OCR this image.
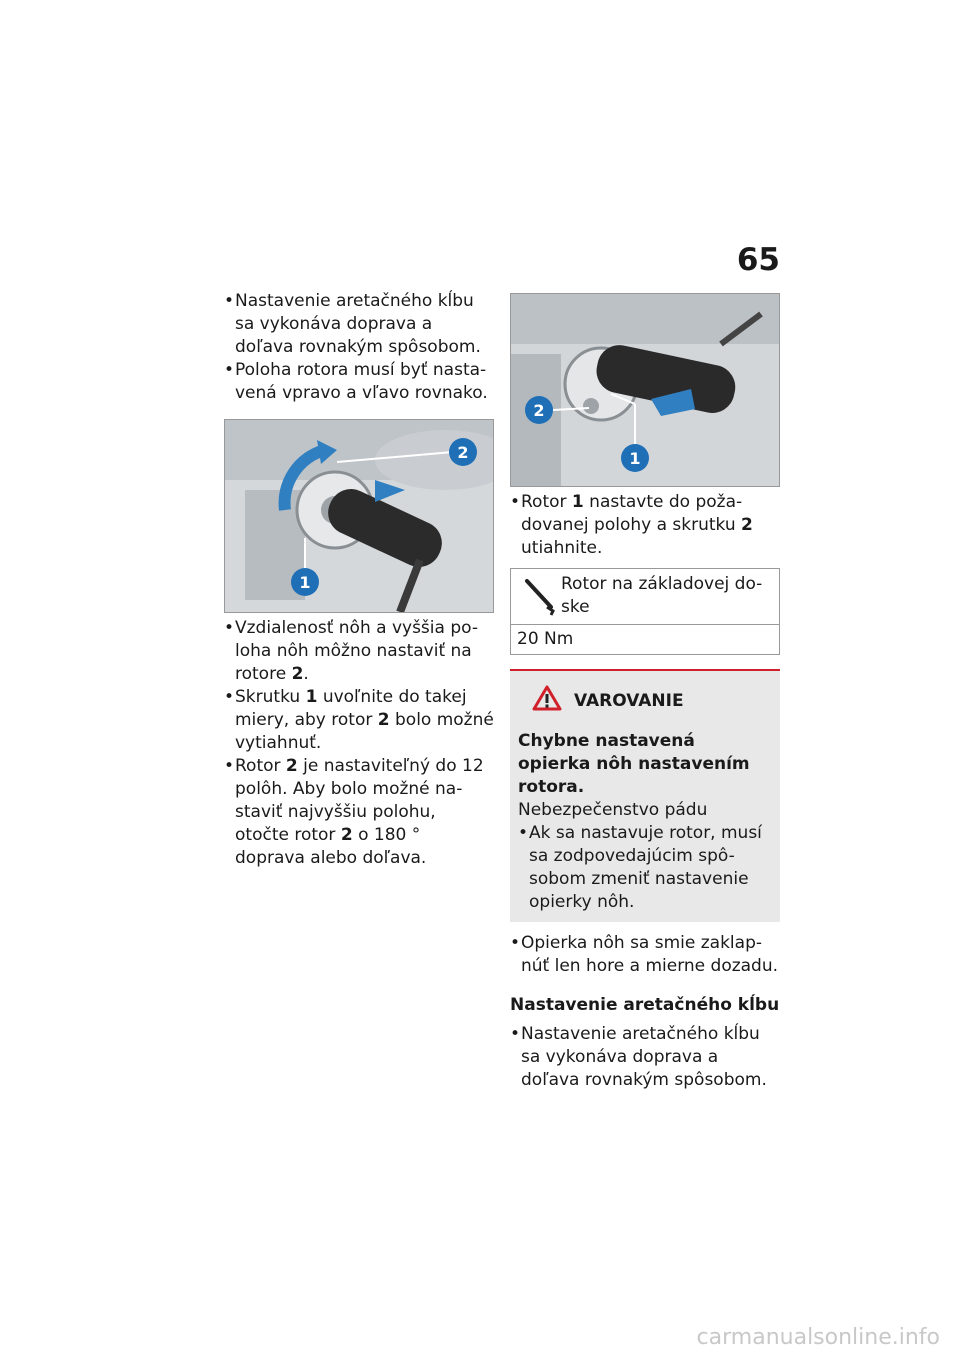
65
• Nastavenie aretačného kĺbu sa vykonáva doprava a doľava rovnakým spôsobom.
• Poloha rotora musí byť nasta-vená vpravo a vľavo rovnako.
2
1
• Vzdialenosť nôh a vyššia po-loha nôh môžno nastaviť na rotore 2.
• Skrutku 1 uvoľnite do takej miery, aby rotor 2 bolo možné vytiahnuť.
• Rotor 2 je nastaviteľný do 12 polôh. Aby bolo možné na-staviť najvyššiu polohu, otočte rotor 2 o 180 ° doprava alebo doľava.
2
1
• Rotor 1 nastavte do poža-dovanej polohy a skrutku 2 utiahnite.
Rotor na základovej do-ske
20 Nm
VAROVANIE
Chybne nastavená opierka nôh nastavením rotora.
Nebezpečenstvo pádu
• Ak sa nastavuje rotor, musí sa zodpovedajúcim spô-sobom zmeniť nastavenie opierky nôh.
• Opierka nôh sa smie zaklap-núť len hore a mierne dozadu.
Nastavenie aretačného kĺbu
• Nastavenie aretačného kĺbu sa vykonáva doprava a doľava rovnakým spôsobom.
carmanualsonline.info
